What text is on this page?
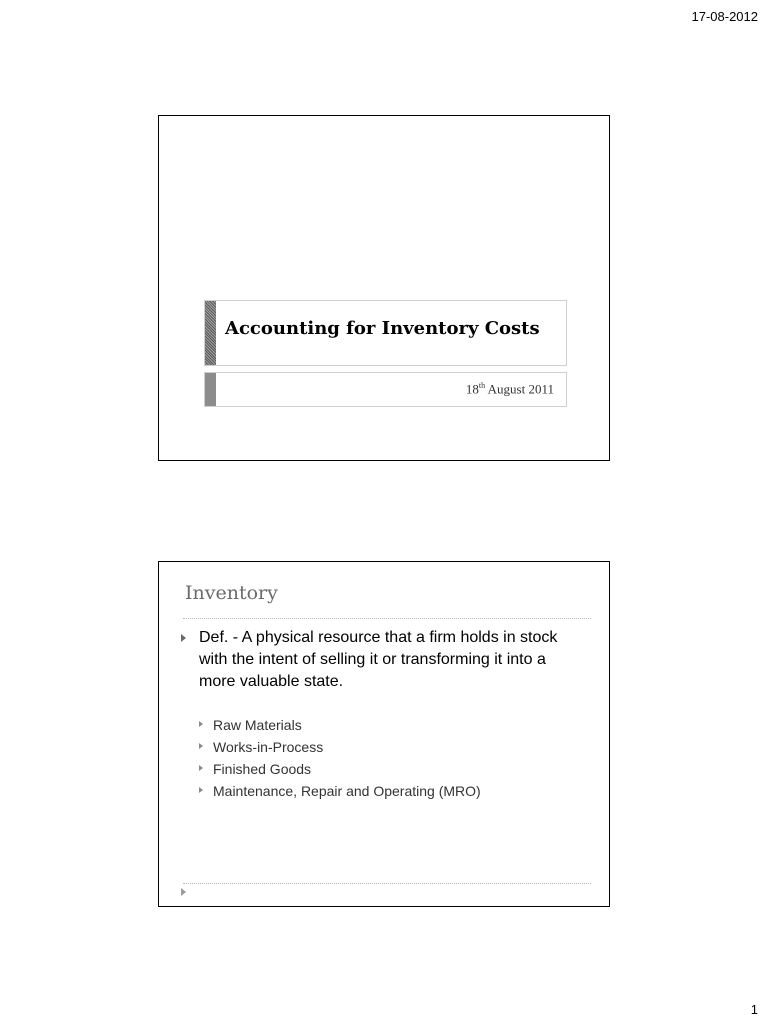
17-08-2012
Accounting for Inventory Costs
18th August 2011
Inventory
Def. - A physical resource that a firm holds in stock with the intent of selling it or transforming it into a more valuable state.
Raw Materials
Works-in-Process
Finished Goods
Maintenance, Repair and Operating (MRO)
1
